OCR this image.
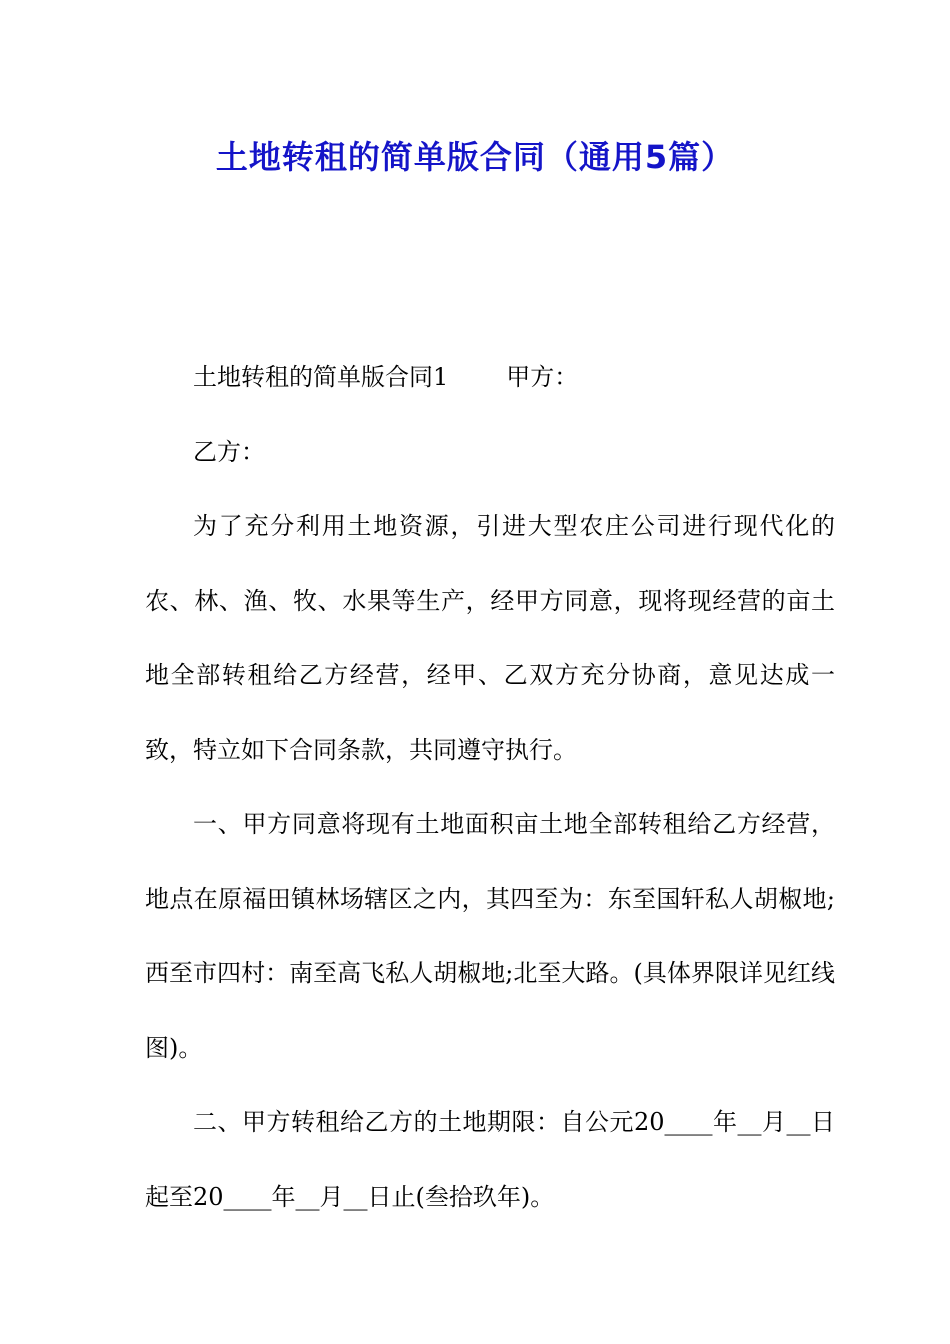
土地转租的简单版合同（通用5篇）

土地转租的简单版合同1 甲方：

乙方：

为了充分利用土地资源，引进大型农庄公司进行现代化的农、林、渔、牧、水果等生产，经甲方同意，现将现经营的亩土地全部转租给乙方经营，经甲、乙双方充分协商，意见达成一致，特立如下合同条款，共同遵守执行。

一、甲方同意将现有土地面积亩土地全部转租给乙方经营，地点在原福田镇林场辖区之内，其四至为：东至国轩私人胡椒地;西至市四村：南至高飞私人胡椒地;北至大路。(具体界限详见红线图)。

二、甲方转租给乙方的土地期限：自公元20____年__月__日起至20____年__月__日止(叁拾玖年)。
